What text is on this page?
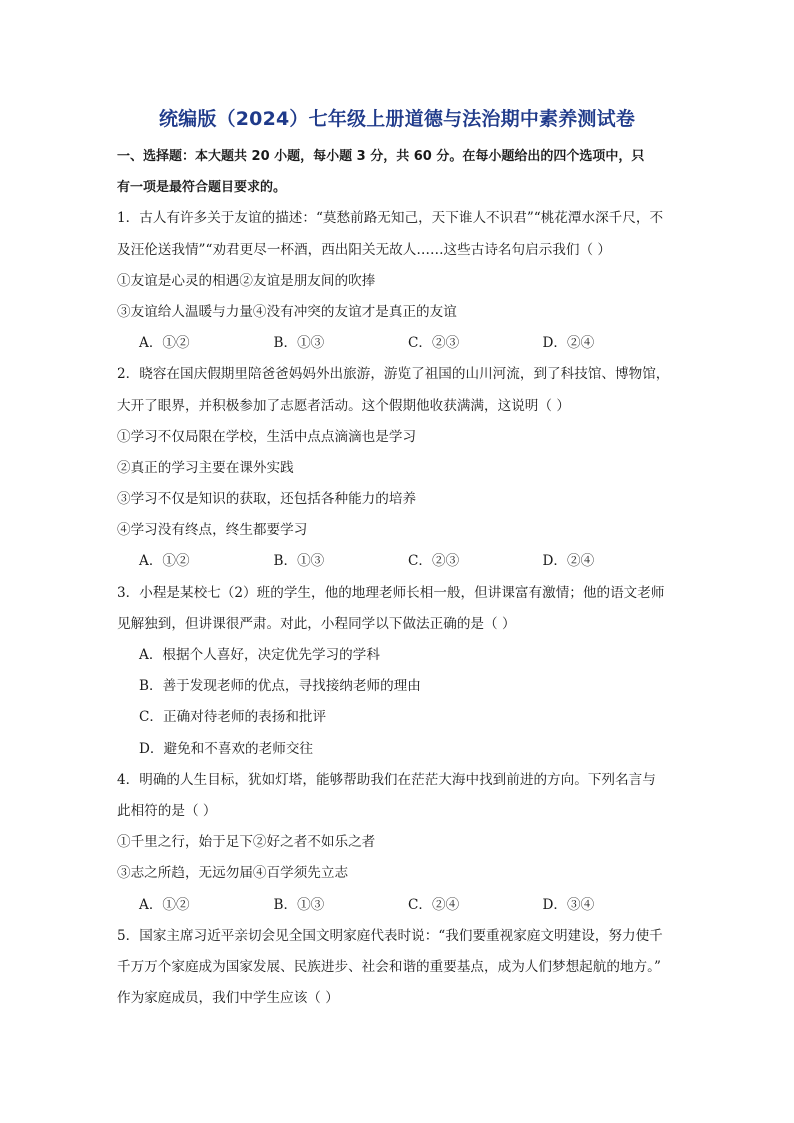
统编版（2024）七年级上册道德与法治期中素养测试卷
一、选择题：本大题共 20 小题，每小题 3 分，共 60 分。在每小题给出的四个选项中，只
有一项是最符合题目要求的。
1．古人有许多关于友谊的描述：“莫愁前路无知己，天下谁人不识君”“桃花潭水深千尺，不
及汪伦送我情”“劝君更尽一杯酒，西出阳关无故人……这些古诗名句启示我们（ ）
①友谊是心灵的相遇②友谊是朋友间的吹捧
③友谊给人温暖与力量④没有冲突的友谊才是真正的友谊
A．①②	B．①③	C．②③	D．②④
2．晓容在国庆假期里陪爸爸妈妈外出旅游，游览了祖国的山川河流，到了科技馆、博物馆，
大开了眼界，并积极参加了志愿者活动。这个假期他收获满满，这说明（ ）
①学习不仅局限在学校，生活中点点滴滴也是学习
②真正的学习主要在课外实践
③学习不仅是知识的获取，还包括各种能力的培养
④学习没有终点，终生都要学习
A．①②	B．①③	C．②③	D．②④
3．小程是某校七（2）班的学生，他的地理老师长相一般，但讲课富有激情；他的语文老师
见解独到，但讲课很严肃。对此，小程同学以下做法正确的是（ ）
A．根据个人喜好，决定优先学习的学科
B．善于发现老师的优点，寻找接纳老师的理由
C．正确对待老师的表扬和批评
D．避免和不喜欢的老师交往
4．明确的人生目标，犹如灯塔，能够帮助我们在茫茫大海中找到前进的方向。下列名言与
此相符的是（ ）
①千里之行，始于足下②好之者不如乐之者
③志之所趋，无远勿届④百学须先立志
A．①②	B．①③	C．②④	D．③④
5．国家主席习近平亲切会见全国文明家庭代表时说：“我们要重视家庭文明建设，努力使千
千万万个家庭成为国家发展、民族进步、社会和谐的重要基点，成为人们梦想起航的地方。”
作为家庭成员，我们中学生应该（ ）
